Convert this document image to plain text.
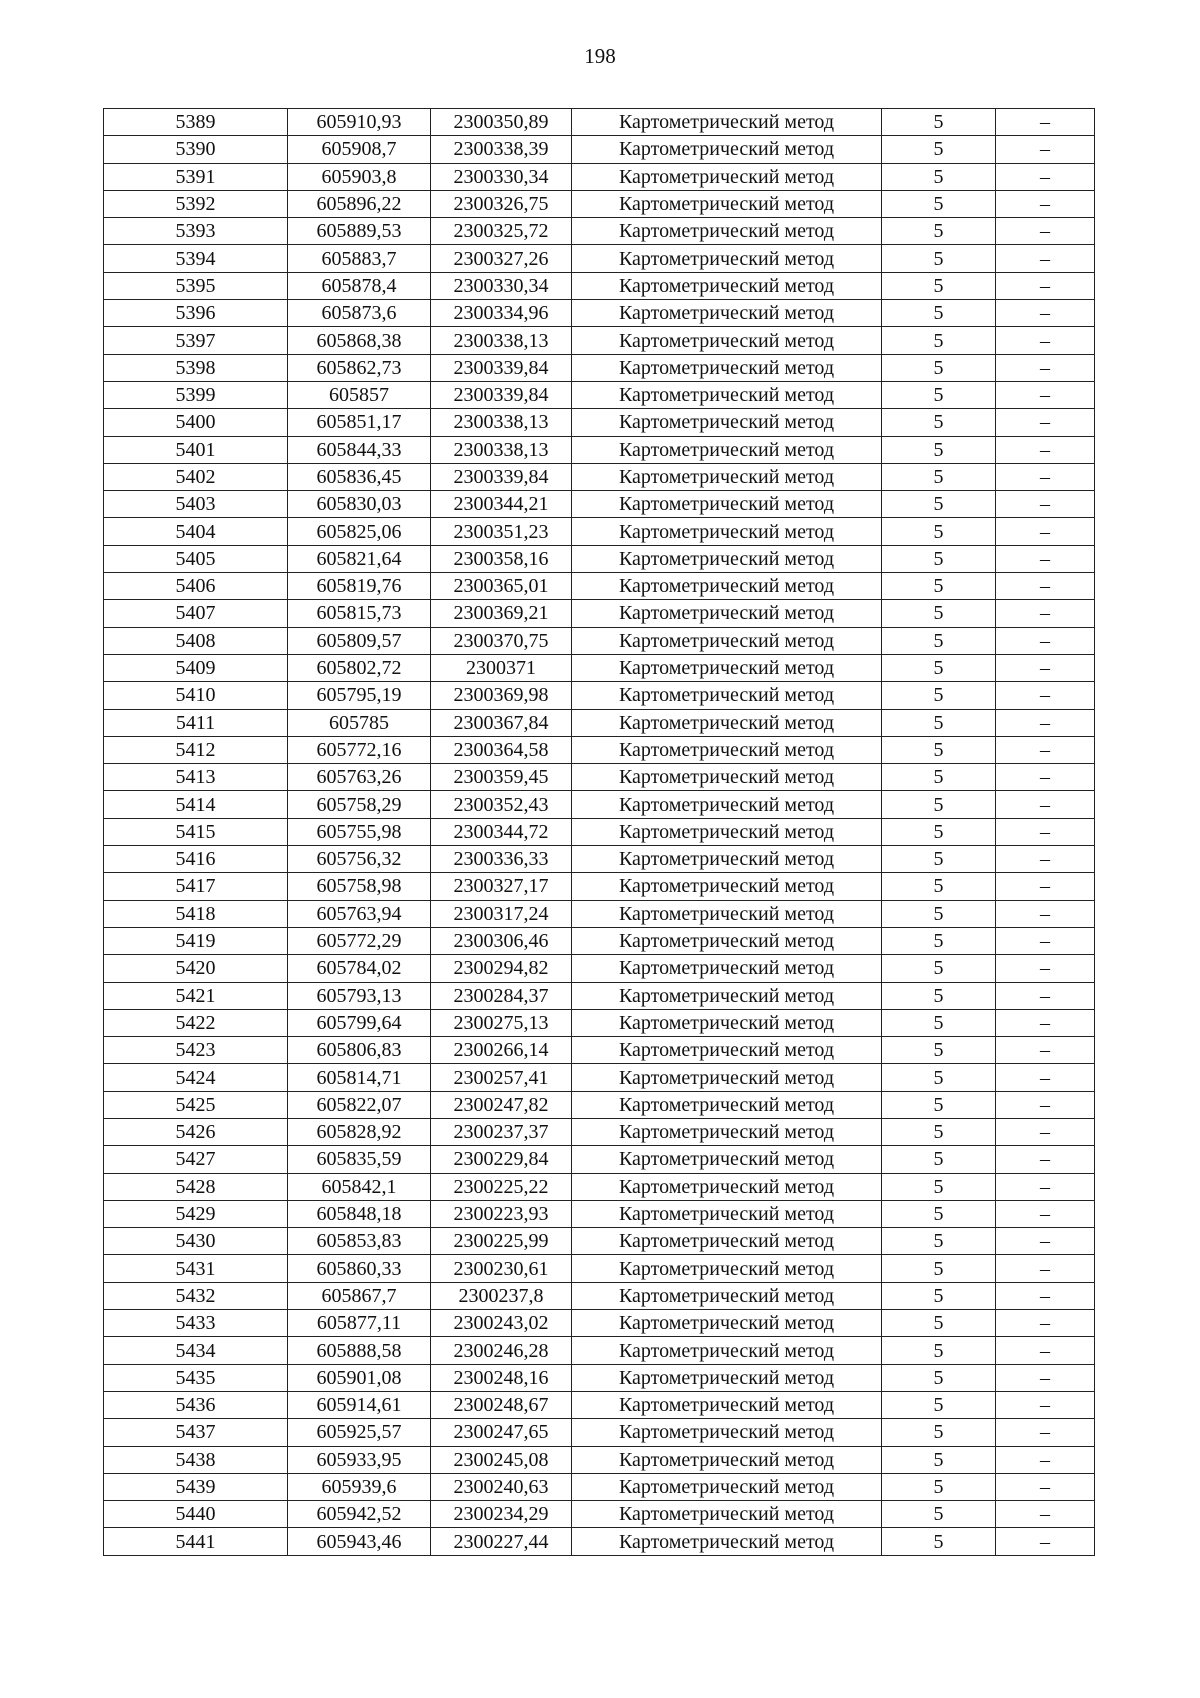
198
5389	605910,93	2300350,89	Картометрический метод	5	–
5390	605908,7	2300338,39	Картометрический метод	5	–
5391	605903,8	2300330,34	Картометрический метод	5	–
5392	605896,22	2300326,75	Картометрический метод	5	–
5393	605889,53	2300325,72	Картометрический метод	5	–
5394	605883,7	2300327,26	Картометрический метод	5	–
5395	605878,4	2300330,34	Картометрический метод	5	–
5396	605873,6	2300334,96	Картометрический метод	5	–
5397	605868,38	2300338,13	Картометрический метод	5	–
5398	605862,73	2300339,84	Картометрический метод	5	–
5399	605857	2300339,84	Картометрический метод	5	–
5400	605851,17	2300338,13	Картометрический метод	5	–
5401	605844,33	2300338,13	Картометрический метод	5	–
5402	605836,45	2300339,84	Картометрический метод	5	–
5403	605830,03	2300344,21	Картометрический метод	5	–
5404	605825,06	2300351,23	Картометрический метод	5	–
5405	605821,64	2300358,16	Картометрический метод	5	–
5406	605819,76	2300365,01	Картометрический метод	5	–
5407	605815,73	2300369,21	Картометрический метод	5	–
5408	605809,57	2300370,75	Картометрический метод	5	–
5409	605802,72	2300371	Картометрический метод	5	–
5410	605795,19	2300369,98	Картометрический метод	5	–
5411	605785	2300367,84	Картометрический метод	5	–
5412	605772,16	2300364,58	Картометрический метод	5	–
5413	605763,26	2300359,45	Картометрический метод	5	–
5414	605758,29	2300352,43	Картометрический метод	5	–
5415	605755,98	2300344,72	Картометрический метод	5	–
5416	605756,32	2300336,33	Картометрический метод	5	–
5417	605758,98	2300327,17	Картометрический метод	5	–
5418	605763,94	2300317,24	Картометрический метод	5	–
5419	605772,29	2300306,46	Картометрический метод	5	–
5420	605784,02	2300294,82	Картометрический метод	5	–
5421	605793,13	2300284,37	Картометрический метод	5	–
5422	605799,64	2300275,13	Картометрический метод	5	–
5423	605806,83	2300266,14	Картометрический метод	5	–
5424	605814,71	2300257,41	Картометрический метод	5	–
5425	605822,07	2300247,82	Картометрический метод	5	–
5426	605828,92	2300237,37	Картометрический метод	5	–
5427	605835,59	2300229,84	Картометрический метод	5	–
5428	605842,1	2300225,22	Картометрический метод	5	–
5429	605848,18	2300223,93	Картометрический метод	5	–
5430	605853,83	2300225,99	Картометрический метод	5	–
5431	605860,33	2300230,61	Картометрический метод	5	–
5432	605867,7	2300237,8	Картометрический метод	5	–
5433	605877,11	2300243,02	Картометрический метод	5	–
5434	605888,58	2300246,28	Картометрический метод	5	–
5435	605901,08	2300248,16	Картометрический метод	5	–
5436	605914,61	2300248,67	Картометрический метод	5	–
5437	605925,57	2300247,65	Картометрический метод	5	–
5438	605933,95	2300245,08	Картометрический метод	5	–
5439	605939,6	2300240,63	Картометрический метод	5	–
5440	605942,52	2300234,29	Картометрический метод	5	–
5441	605943,46	2300227,44	Картометрический метод	5	–
